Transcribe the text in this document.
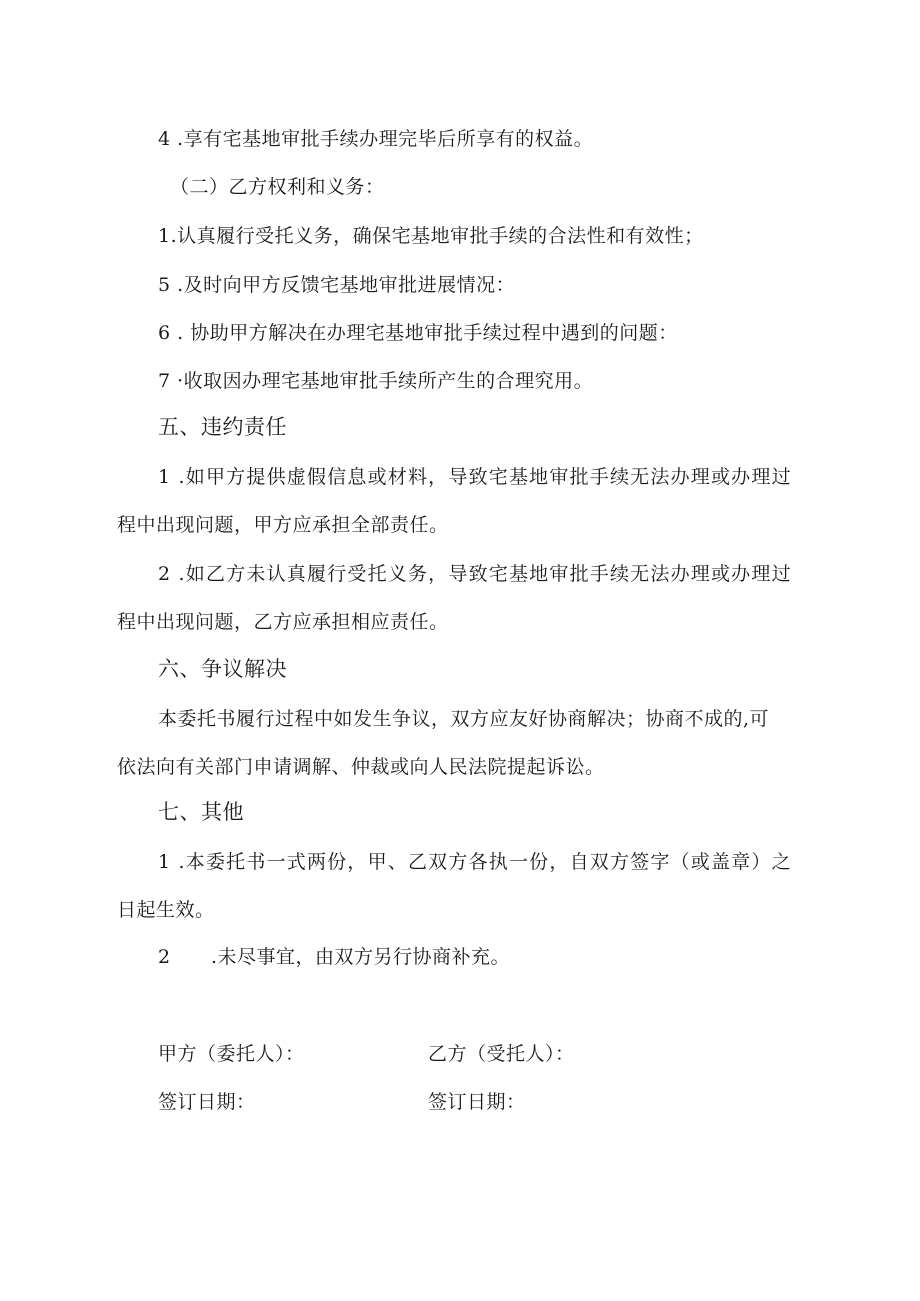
4 .享有宅基地审批手续办理完毕后所享有的权益。
（二）乙方权利和义务：
1.认真履行受托义务，确保宅基地审批手续的合法性和有效性；
5 .及时向甲方反馈宅基地审批进展情况：
6 . 协助甲方解决在办理宅基地审批手续过程中遇到的问题：
7 ·收取因办理宅基地审批手续所产生的合理究用。
五、违约责任
1 .如甲方提供虚假信息或材料，导致宅基地审批手续无法办理或办理过
程中出现问题，甲方应承担全部责任。
2 .如乙方未认真履行受托义务，导致宅基地审批手续无法办理或办理过
程中出现问题，乙方应承担相应责任。
六、争议解决
本委托书履行过程中如发生争议，双方应友好协商解决；协商不成的,可
依法向有关部门申请调解、仲裁或向人民法院提起诉讼。
七、其他
1 .本委托书一式两份，甲、乙双方各执一份，自双方签字（或盖章）之
日起生效。
2 .未尽事宜，由双方另行协商补充。
甲方（委托人）：	乙方（受托人）：
签订日期：	签订日期：
